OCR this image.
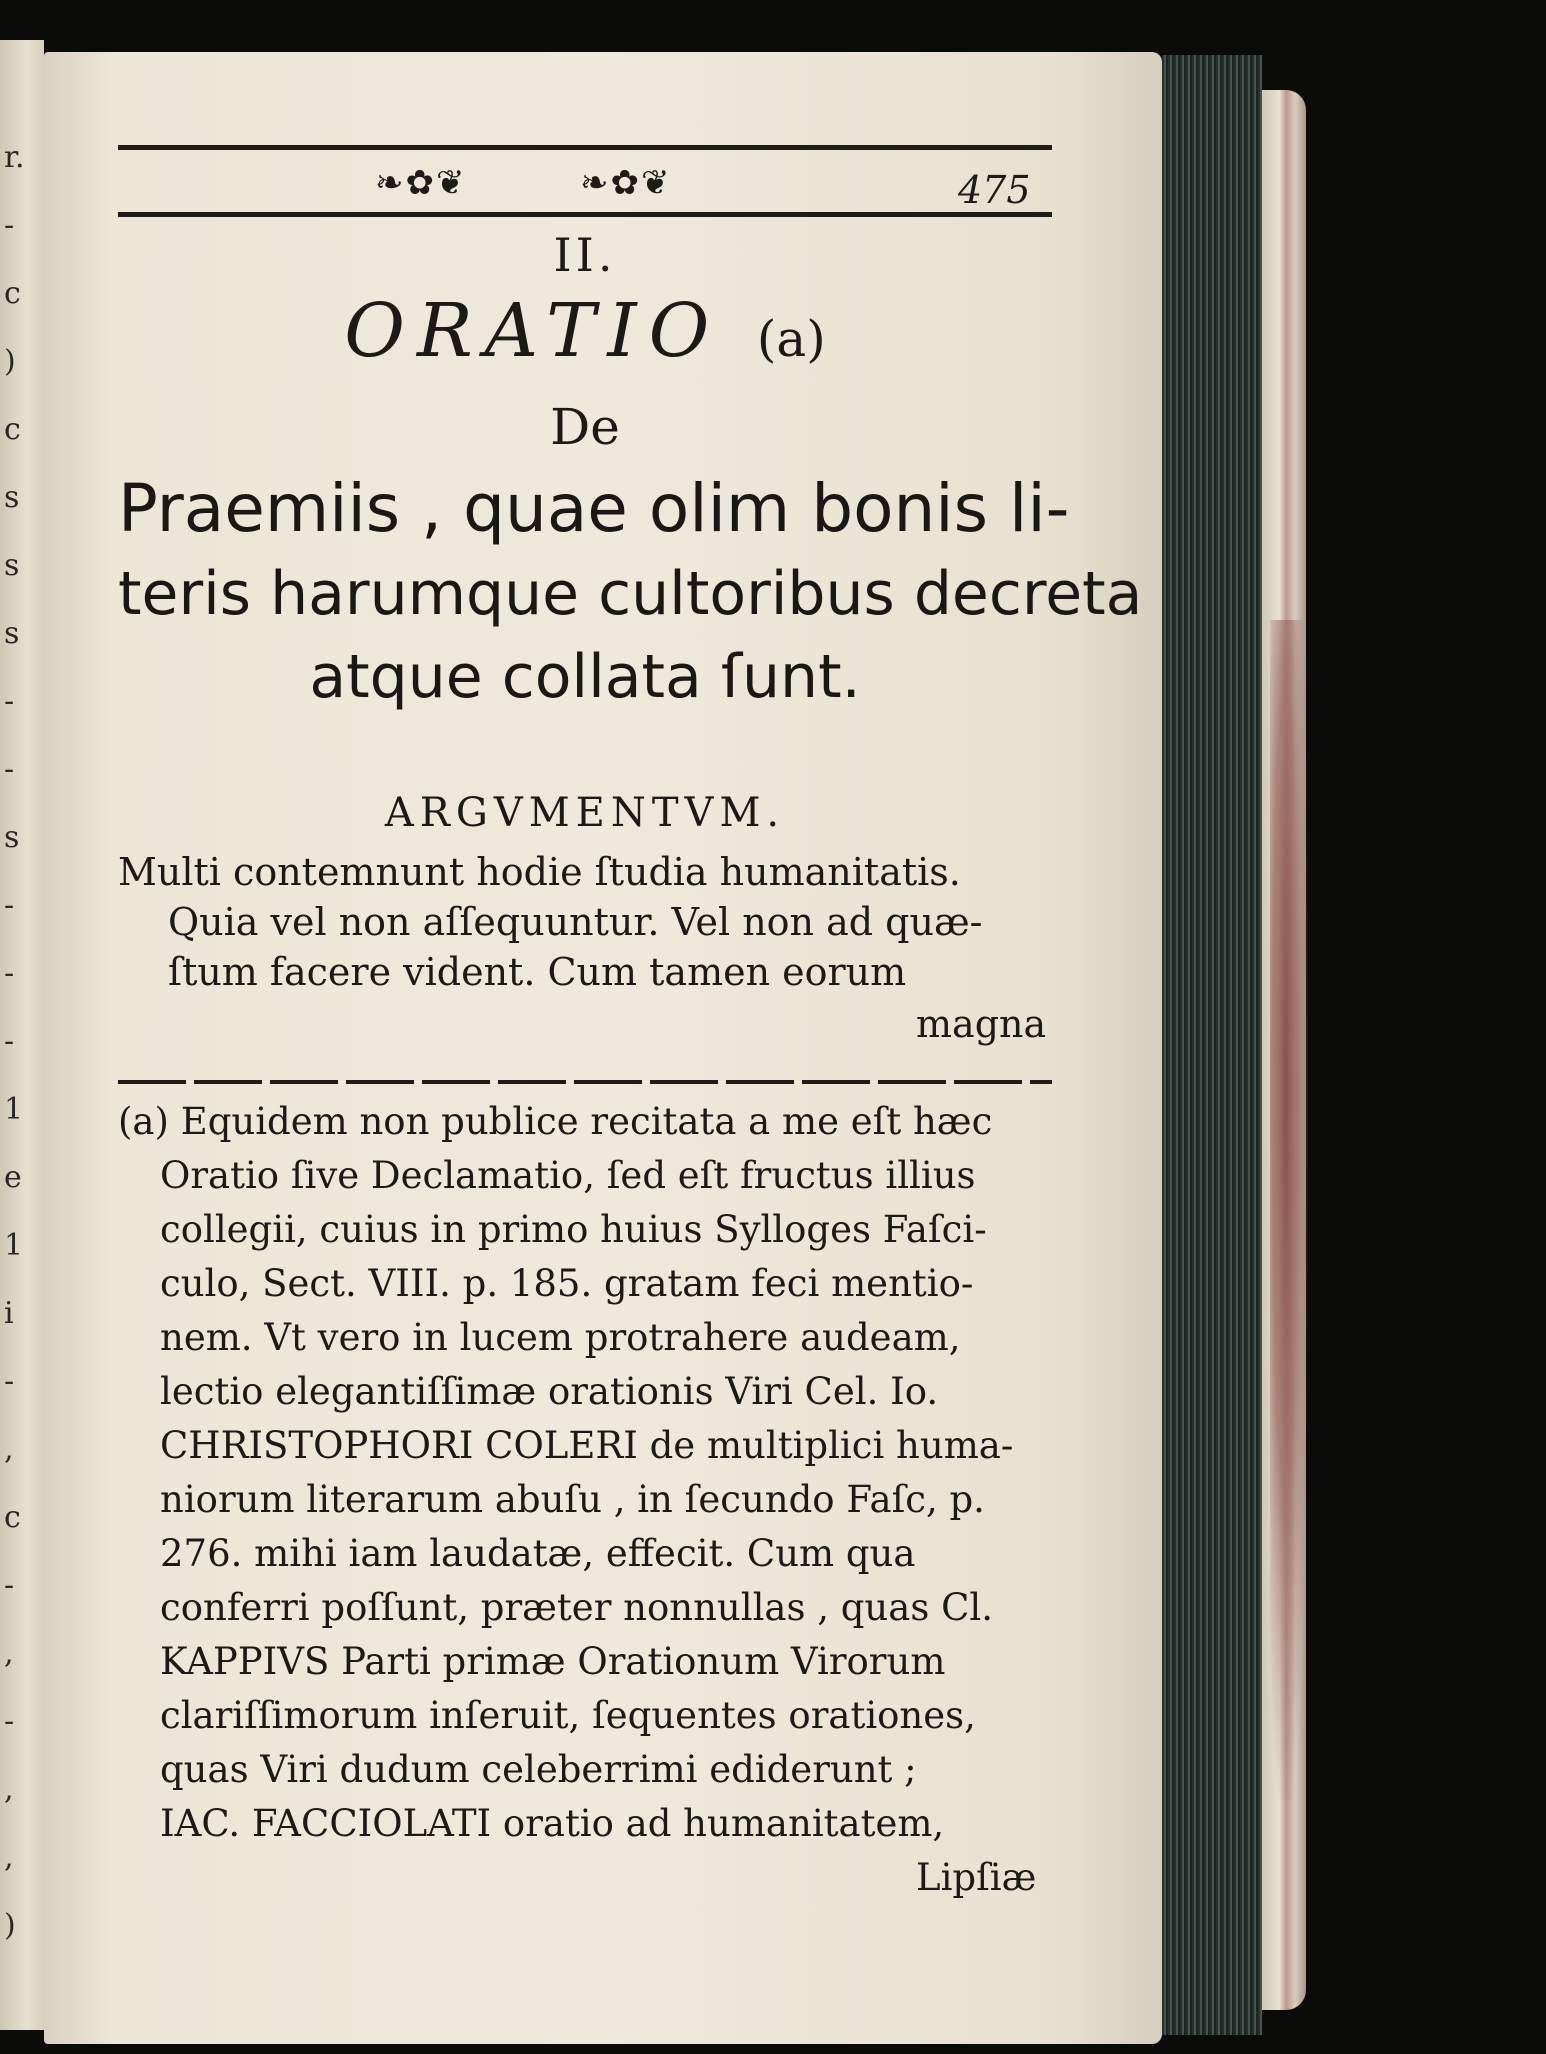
r.
-
c
)
c
s
s
s
-
-
s
-
-
-
1
e
1
i
-
,
c
-
,
-
,
,
)
❧✿❦	❧✿❦	475
II.
ORATIO (a)
De
Praemiis , quae olim bonis li-
teris harumque cultoribus decreta
atque collata ſunt.
ARGVMENTVM.
Multi contemnunt hodie ſtudia humanitatis.
Quia vel non aſſequuntur. Vel non ad quæ-
ſtum facere vident. Cum tamen eorum
magna
(a) Equidem non publice recitata a me eſt hæc
Oratio ſive Declamatio, ſed eſt fructus illius
collegii, cuius in primo huius Sylloges Faſci-
culo, Sect. VIII. p. 185. gratam feci mentio-
nem. Vt vero in lucem protrahere audeam,
lectio elegantiſſimæ orationis Viri Cel. Io.
CHRISTOPHORI COLERI de multiplici huma-
niorum literarum abuſu , in ſecundo Faſc, p.
276. mihi iam laudatæ, effecit. Cum qua
conferri poſſunt, præter nonnullas , quas Cl.
KAPPIVS Parti primæ Orationum Virorum
clariſſimorum inſeruit, ſequentes orationes,
quas Viri dudum celeberrimi ediderunt ;
IAC. FACCIOLATI oratio ad humanitatem,
Lipſiæ
